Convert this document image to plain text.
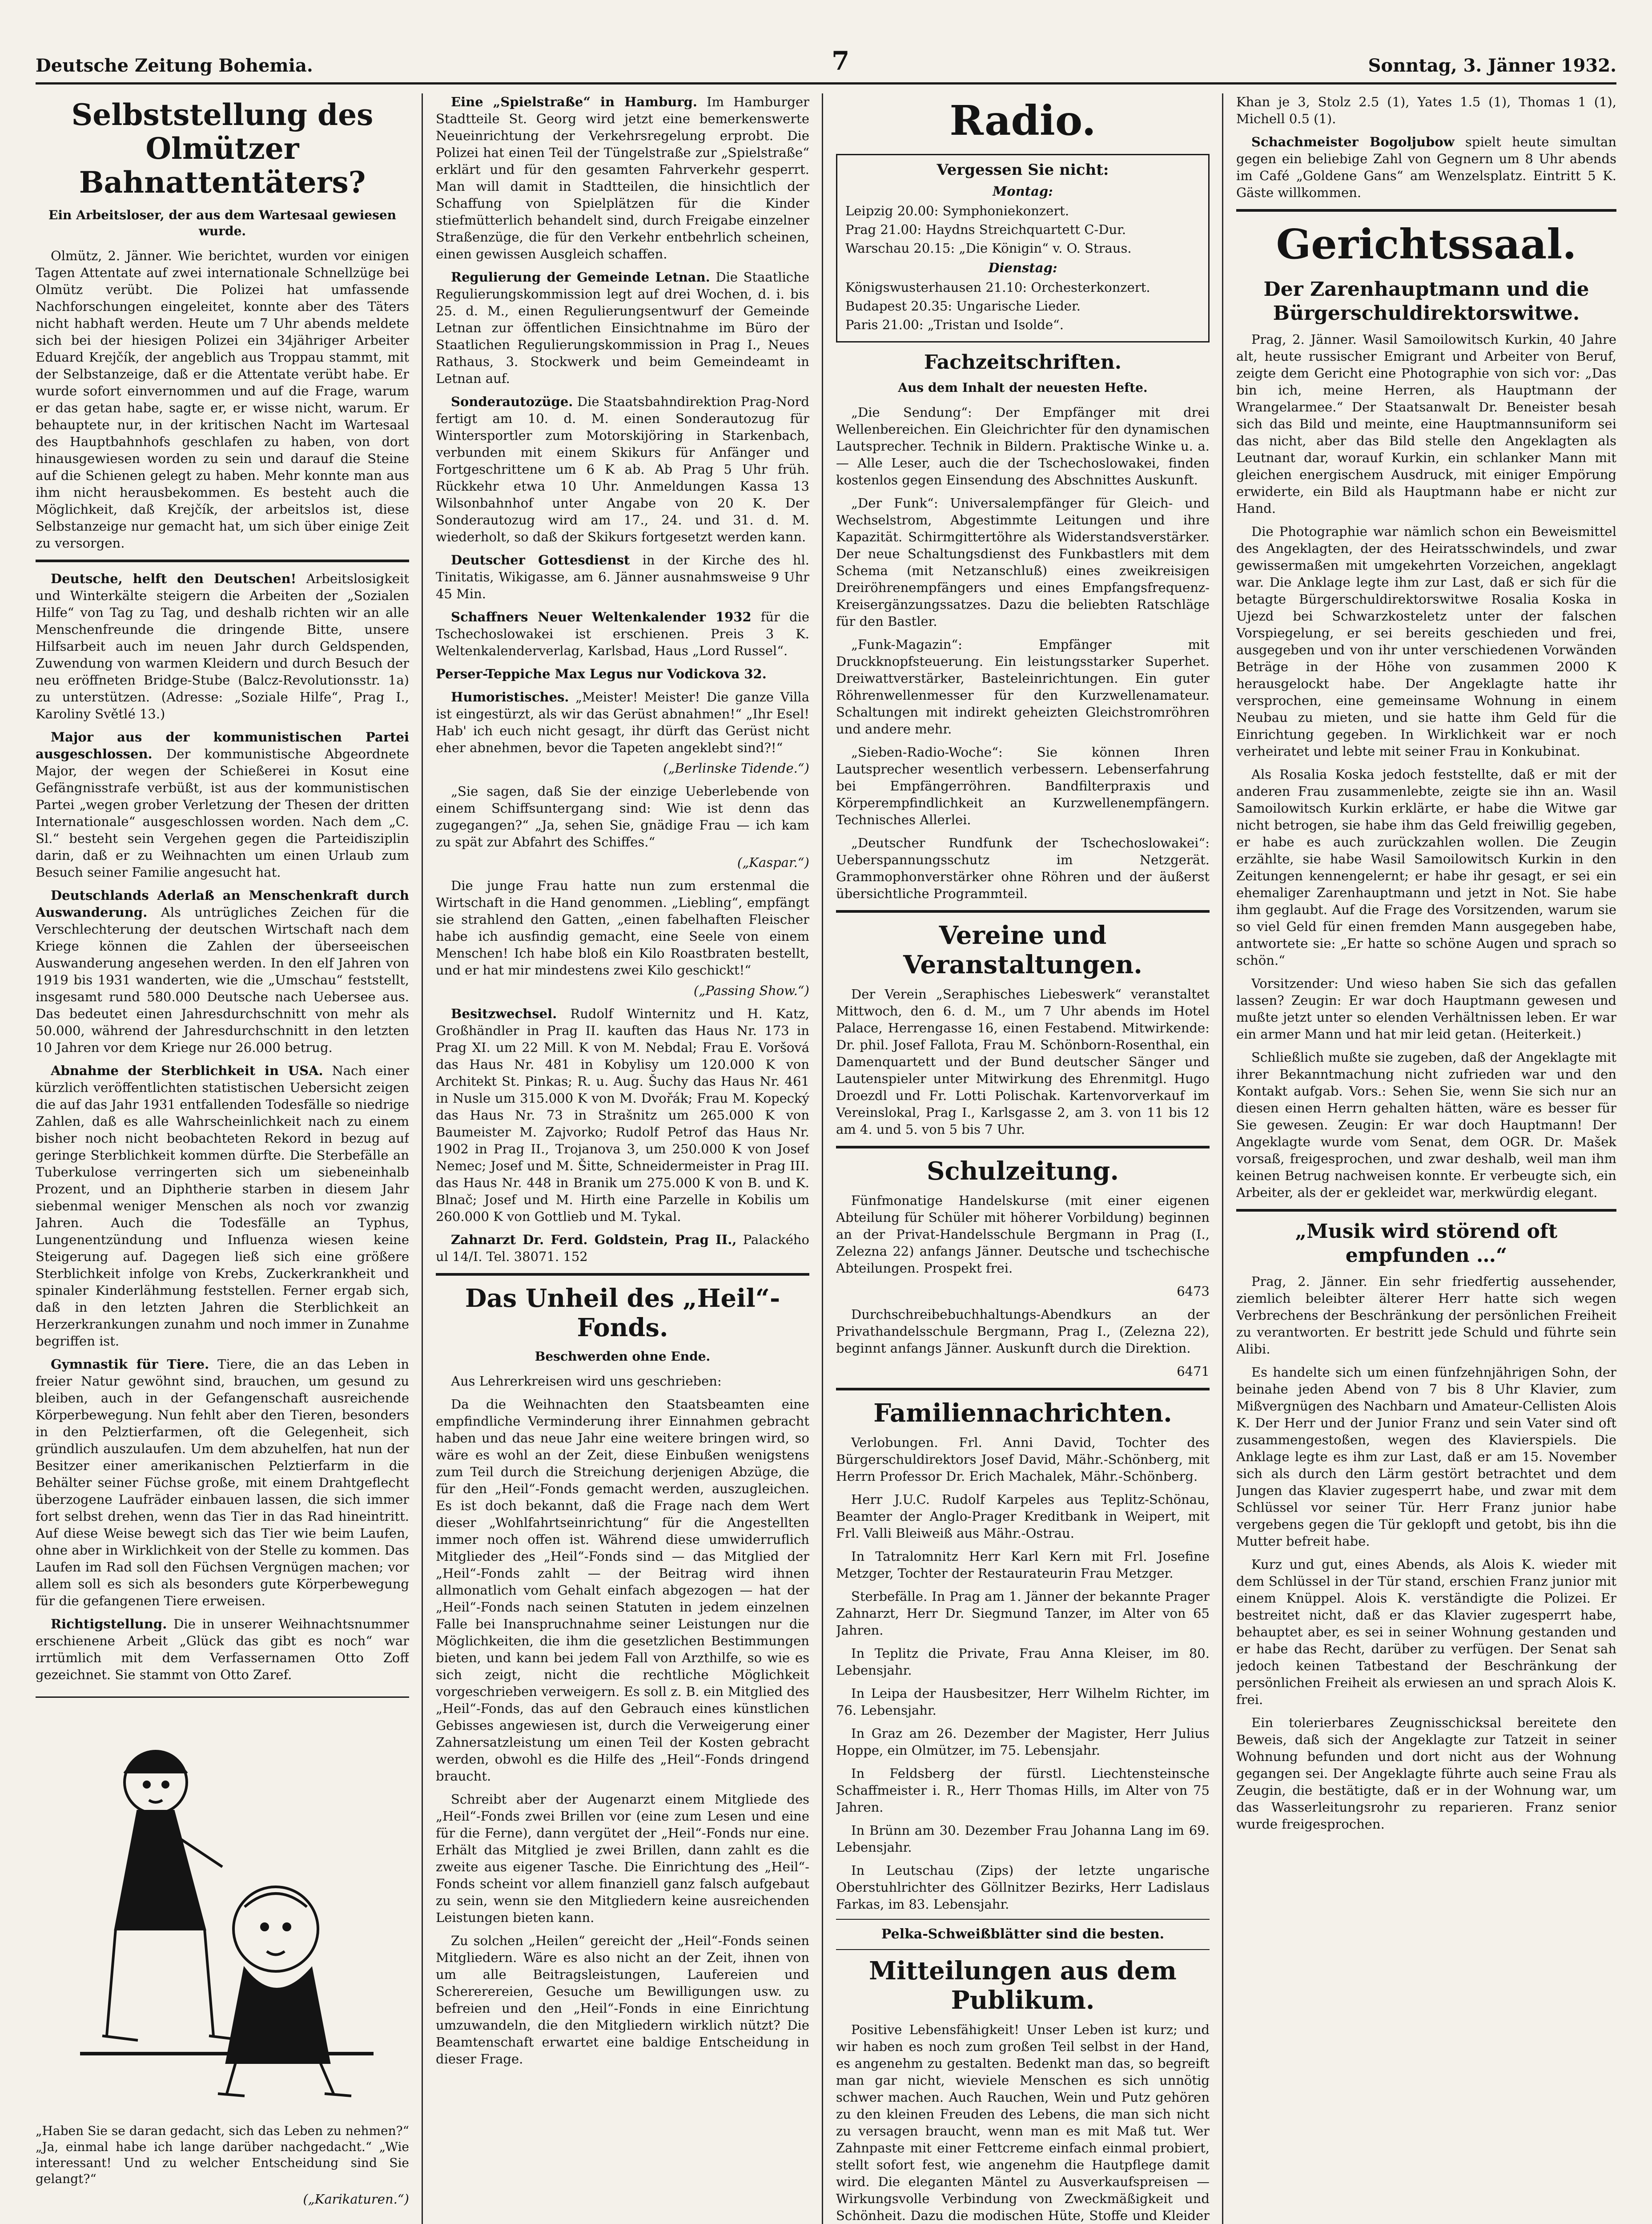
Deutsche Zeitung Bohemia.	7	Sonntag, 3. Jänner 1932.
Selbststellung des Olmützer Bahnattentäters?
Ein Arbeitsloser, der aus dem Wartesaal gewiesen wurde.

Olmütz, 2. Jänner. Wie berichtet, wurden vor einigen Tagen Attentate auf zwei internationale Schnellzüge bei Olmütz verübt. Die Polizei hat umfassende Nachforschungen eingeleitet, konnte aber des Täters nicht habhaft werden. Heute um 7 Uhr abends meldete sich bei der hiesigen Polizei ein 34jähriger Arbeiter Eduard Krejčík, der angeblich aus Troppau stammt, mit der Selbstanzeige, daß er die Attentate verübt habe. Er wurde sofort einvernommen und auf die Frage, warum er das getan habe, sagte er, er wisse nicht, warum. Er behauptete nur, in der kritischen Nacht im Wartesaal des Hauptbahnhofs geschlafen zu haben, von dort hinausgewiesen worden zu sein und darauf die Steine auf die Schienen gelegt zu haben. Mehr konnte man aus ihm nicht herausbekommen. Es besteht auch die Möglichkeit, daß Krejčík, der arbeitslos ist, diese Selbstanzeige nur gemacht hat, um sich über einige Zeit zu versorgen.

Deutsche, helft den Deutschen! Arbeitslosigkeit und Winterkälte steigern die Arbeiten der „Sozialen Hilfe“ von Tag zu Tag, und deshalb richten wir an alle Menschenfreunde die dringende Bitte, unsere Hilfsarbeit auch im neuen Jahr durch Geldspenden, Zuwendung von warmen Kleidern und durch Besuch der neu eröffneten Bridge-Stube (Balcz-Revolutionsstr. 1a) zu unterstützen. (Adresse: „Soziale Hilfe“, Prag I., Karoliny Světlé 13.)

Major aus der kommunistischen Partei ausgeschlossen. Der kommunistische Abgeordnete Major, der wegen der Schießerei in Kosut eine Gefängnisstrafe verbüßt, ist aus der kommunistischen Partei „wegen grober Verletzung der Thesen der dritten Internationale“ ausgeschlossen worden. Nach dem „C. Sl.“ besteht sein Vergehen gegen die Parteidisziplin darin, daß er zu Weihnachten um einen Urlaub zum Besuch seiner Familie angesucht hat.

Deutschlands Aderlaß an Menschenkraft durch Auswanderung. Als untrügliches Zeichen für die Verschlechterung der deutschen Wirtschaft nach dem Kriege können die Zahlen der überseeischen Auswanderung angesehen werden. In den elf Jahren von 1919 bis 1931 wanderten, wie die „Umschau“ feststellt, insgesamt rund 580.000 Deutsche nach Uebersee aus. Das bedeutet einen Jahresdurchschnitt von mehr als 50.000, während der Jahresdurchschnitt in den letzten 10 Jahren vor dem Kriege nur 26.000 betrug.

Abnahme der Sterblichkeit in USA. Nach einer kürzlich veröffentlichten statistischen Uebersicht zeigen die auf das Jahr 1931 entfallenden Todesfälle so niedrige Zahlen, daß es alle Wahrscheinlichkeit nach zu einem bisher noch nicht beobachteten Rekord in bezug auf geringe Sterblichkeit kommen dürfte. Die Sterbefälle an Tuberkulose verringerten sich um siebeneinhalb Prozent, und an Diphtherie starben in diesem Jahr siebenmal weniger Menschen als noch vor zwanzig Jahren. Auch die Todesfälle an Typhus, Lungenentzündung und Influenza wiesen keine Steigerung auf. Dagegen ließ sich eine größere Sterblichkeit infolge von Krebs, Zuckerkrankheit und spinaler Kinderlähmung feststellen. Ferner ergab sich, daß in den letzten Jahren die Sterblichkeit an Herzerkrankungen zunahm und noch immer in Zunahme begriffen ist.

Gymnastik für Tiere. Tiere, die an das Leben in freier Natur gewöhnt sind, brauchen, um gesund zu bleiben, auch in der Gefangenschaft ausreichende Körperbewegung. Nun fehlt aber den Tieren, besonders in den Pelztierfarmen, oft die Gelegenheit, sich gründlich auszulaufen. Um dem abzuhelfen, hat nun der Besitzer einer amerikanischen Pelztierfarm in die Behälter seiner Füchse große, mit einem Drahtgeflecht überzogene Laufräder einbauen lassen, die sich immer fort selbst drehen, wenn das Tier in das Rad hineintritt. Auf diese Weise bewegt sich das Tier wie beim Laufen, ohne aber in Wirklichkeit von der Stelle zu kommen. Das Laufen im Rad soll den Füchsen Vergnügen machen; vor allem soll es sich als besonders gute Körperbewegung für die gefangenen Tiere erweisen.

Richtigstellung. Die in unserer Weihnachtsnummer erschienene Arbeit „Glück das gibt es noch“ war irrtümlich mit dem Verfassernamen Otto Zoff gezeichnet. Sie stammt von Otto Zaref.

„Haben Sie se daran gedacht, sich das Leben zu nehmen?“ „Ja, einmal habe ich lange darüber nachgedacht.“ „Wie interessant! Und zu welcher Entscheidung sind Sie gelangt?“

(„Karikaturen.“)

Eine „Spielstraße“ in Hamburg. Im Hamburger Stadtteile St. Georg wird jetzt eine bemerkenswerte Neueinrichtung der Verkehrsregelung erprobt. Die Polizei hat einen Teil der Tüngelstraße zur „Spielstraße“ erklärt und für den gesamten Fahrverkehr gesperrt. Man will damit in Stadtteilen, die hinsichtlich der Schaffung von Spielplätzen für die Kinder stiefmütterlich behandelt sind, durch Freigabe einzelner Straßenzüge, die für den Verkehr entbehrlich scheinen, einen gewissen Ausgleich schaffen.

Regulierung der Gemeinde Letnan. Die Staatliche Regulierungskommission legt auf drei Wochen, d. i. bis 25. d. M., einen Regulierungsentwurf der Gemeinde Letnan zur öffentlichen Einsichtnahme im Büro der Staatlichen Regulierungskommission in Prag I., Neues Rathaus, 3. Stockwerk und beim Gemeindeamt in Letnan auf.

Sonderautozüge. Die Staatsbahndirektion Prag-Nord fertigt am 10. d. M. einen Sonderautozug für Wintersportler zum Motorskijöring in Starkenbach, verbunden mit einem Skikurs für Anfänger und Fortgeschrittene um 6 K ab. Ab Prag 5 Uhr früh. Rückkehr etwa 10 Uhr. Anmeldungen Kassa 13 Wilsonbahnhof unter Angabe von 20 K. Der Sonderautozug wird am 17., 24. und 31. d. M. wiederholt, so daß der Skikurs fortgesetzt werden kann.

Deutscher Gottesdienst in der Kirche des hl. Tinitatis, Wikigasse, am 6. Jänner ausnahmsweise 9 Uhr 45 Min.

Schaffners Neuer Weltenkalender 1932 für die Tschechoslowakei ist erschienen. Preis 3 K. Weltenkalenderverlag, Karlsbad, Haus „Lord Russel“.

Perser-Teppiche Max Legus nur Vodickova 32.

Humoristisches. „Meister! Meister! Die ganze Villa ist eingestürzt, als wir das Gerüst abnahmen!“ „Ihr Esel! Hab' ich euch nicht gesagt, ihr dürft das Gerüst nicht eher abnehmen, bevor die Tapeten angeklebt sind?!“

(„Berlinske Tidende.“)

„Sie sagen, daß Sie der einzige Ueberlebende von einem Schiffsuntergang sind: Wie ist denn das zugegangen?“ „Ja, sehen Sie, gnädige Frau — ich kam zu spät zur Abfahrt des Schiffes.“

(„Kaspar.“)

Die junge Frau hatte nun zum erstenmal die Wirtschaft in die Hand genommen. „Liebling“, empfängt sie strahlend den Gatten, „einen fabelhaften Fleischer habe ich ausfindig gemacht, eine Seele von einem Menschen! Ich habe bloß ein Kilo Roastbraten bestellt, und er hat mir mindestens zwei Kilo geschickt!“

(„Passing Show.“)

Besitzwechsel. Rudolf Winternitz und H. Katz, Großhändler in Prag II. kauften das Haus Nr. 173 in Prag XI. um 22 Mill. K von M. Nebdal; Frau E. Voršová das Haus Nr. 481 in Kobylisy um 120.000 K von Architekt St. Pinkas; R. u. Aug. Šuchy das Haus Nr. 461 in Nusle um 315.000 K von M. Dvořák; Frau M. Kopecký das Haus Nr. 73 in Strašnitz um 265.000 K von Baumeister M. Zajvorko; Rudolf Petrof das Haus Nr. 1902 in Prag II., Trojanova 3, um 250.000 K von Josef Nemec; Josef und M. Šitte, Schneidermeister in Prag III. das Haus Nr. 448 in Branik um 275.000 K von B. und K. Blnač; Josef und M. Hirth eine Parzelle in Kobilis um 260.000 K von Gottlieb und M. Tykal.

Zahnarzt Dr. Ferd. Goldstein, Prag II., Palackého ul 14/I. Tel. 38071. 152

Das Unheil des „Heil“-Fonds.
Beschwerden ohne Ende.

Aus Lehrerkreisen wird uns geschrieben:

Da die Weihnachten den Staatsbeamten eine empfindliche Verminderung ihrer Einnahmen gebracht haben und das neue Jahr eine weitere bringen wird, so wäre es wohl an der Zeit, diese Einbußen wenigstens zum Teil durch die Streichung derjenigen Abzüge, die für den „Heil“-Fonds gemacht werden, auszugleichen. Es ist doch bekannt, daß die Frage nach dem Wert dieser „Wohlfahrtseinrichtung“ für die Angestellten immer noch offen ist. Während diese umwiderruflich Mitglieder des „Heil“-Fonds sind — das Mitglied der „Heil“-Fonds zahlt — der Beitrag wird ihnen allmonatlich vom Gehalt einfach abgezogen — hat der „Heil“-Fonds nach seinen Statuten in jedem einzelnen Falle bei Inanspruchnahme seiner Leistungen nur die Möglichkeiten, die ihm die gesetzlichen Bestimmungen bieten, und kann bei jedem Fall von Arzthilfe, so wie es sich zeigt, nicht die rechtliche Möglichkeit vorgeschrieben verweigern. Es soll z. B. ein Mitglied des „Heil“-Fonds, das auf den Gebrauch eines künstlichen Gebisses angewiesen ist, durch die Verweigerung einer Zahnersatzleistung um einen Teil der Kosten gebracht werden, obwohl es die Hilfe des „Heil“-Fonds dringend braucht.

Schreibt aber der Augenarzt einem Mitgliede des „Heil“-Fonds zwei Brillen vor (eine zum Lesen und eine für die Ferne), dann vergütet der „Heil“-Fonds nur eine. Erhält das Mitglied je zwei Brillen, dann zahlt es die zweite aus eigener Tasche. Die Einrichtung des „Heil“-Fonds scheint vor allem finanziell ganz falsch aufgebaut zu sein, wenn sie den Mitgliedern keine ausreichenden Leistungen bieten kann.

Zu solchen „Heilen“ gereicht der „Heil“-Fonds seinen Mitgliedern. Wäre es also nicht an der Zeit, ihnen von um alle Beitragsleistungen, Laufereien und Schererereien, Gesuche um Bewilligungen usw. zu befreien und den „Heil“-Fonds in eine Einrichtung umzuwandeln, die den Mitgliedern wirklich nützt? Die Beamtenschaft erwartet eine baldige Entscheidung in dieser Frage.

Radio.
Vergessen Sie nicht:
Montag:

Leipzig 20.00: Symphoniekonzert.

Prag 21.00: Haydns Streichquartett C-Dur.

Warschau 20.15: „Die Königin“ v. O. Straus.

Dienstag:

Königswusterhausen 21.10: Orchesterkonzert.

Budapest 20.35: Ungarische Lieder.

Paris 21.00: „Tristan und Isolde“.

Fachzeitschriften.
Aus dem Inhalt der neuesten Hefte.

„Die Sendung“: Der Empfänger mit drei Wellenbereichen. Ein Gleichrichter für den dynamischen Lautsprecher. Technik in Bildern. Praktische Winke u. a. — Alle Leser, auch die der Tschechoslowakei, finden kostenlos gegen Einsendung des Abschnittes Auskunft.

„Der Funk“: Universalempfänger für Gleich- und Wechselstrom, Abgestimmte Leitungen und ihre Kapazität. Schirmgittertöhre als Widerstandsverstärker. Der neue Schaltungsdienst des Funkbastlers mit dem Schema (mit Netzanschluß) eines zweikreisigen Dreiröhrenempfängers und eines Empfangsfrequenz-Kreisergänzungssatzes. Dazu die beliebten Ratschläge für den Bastler.

„Funk-Magazin“: Empfänger mit Druckknopfsteuerung. Ein leistungsstarker Superhet. Dreiwattverstärker, Basteleinrichtungen. Ein guter Röhrenwellenmesser für den Kurzwellenamateur. Schaltungen mit indirekt geheizten Gleichstromröhren und andere mehr.

„Sieben-Radio-Woche“: Sie können Ihren Lautsprecher wesentlich verbessern. Lebenserfahrung bei Empfängerröhren. Bandfilterpraxis und Körperempfindlichkeit an Kurzwellenempfängern. Technisches Allerlei.

„Deutscher Rundfunk der Tschechoslowakei“: Ueberspannungsschutz im Netzgerät. Grammophonverstärker ohne Röhren und der äußerst übersichtliche Programmteil.

Vereine und Veranstaltungen.

Der Verein „Seraphisches Liebeswerk“ veranstaltet Mittwoch, den 6. d. M., um 7 Uhr abends im Hotel Palace, Herrengasse 16, einen Festabend. Mitwirkende: Dr. phil. Josef Fallota, Frau M. Schönborn-Rosenthal, ein Damenquartett und der Bund deutscher Sänger und Lautenspieler unter Mitwirkung des Ehrenmitgl. Hugo Droezdl und Fr. Lotti Polischak. Kartenvorverkauf im Vereinslokal, Prag I., Karlsgasse 2, am 3. von 11 bis 12 am 4. und 5. von 5 bis 7 Uhr.

Schulzeitung.

Fünfmonatige Handelskurse (mit einer eigenen Abteilung für Schüler mit höherer Vorbildung) beginnen an der Privat-Handelsschule Bergmann in Prag (I., Zelezna 22) anfangs Jänner. Deutsche und tschechische Abteilungen. Prospekt frei.

6473

Durchschreibebuchhaltungs-Abendkurs an der Privathandelsschule Bergmann, Prag I., (Zelezna 22), beginnt anfangs Jänner. Auskunft durch die Direktion.

6471

Familiennachrichten.

Verlobungen. Frl. Anni David, Tochter des Bürgerschuldirektors Josef David, Mähr.-Schönberg, mit Herrn Professor Dr. Erich Machalek, Mähr.-Schönberg.

Herr J.U.C. Rudolf Karpeles aus Teplitz-Schönau, Beamter der Anglo-Prager Kreditbank in Weipert, mit Frl. Valli Bleiweiß aus Mähr.-Ostrau.

In Tatralomnitz Herr Karl Kern mit Frl. Josefine Metzger, Tochter der Restaurateurin Frau Metzger.

Sterbefälle. In Prag am 1. Jänner der bekannte Prager Zahnarzt, Herr Dr. Siegmund Tanzer, im Alter von 65 Jahren.

In Teplitz die Private, Frau Anna Kleiser, im 80. Lebensjahr.

In Leipa der Hausbesitzer, Herr Wilhelm Richter, im 76. Lebensjahr.

In Graz am 26. Dezember der Magister, Herr Julius Hoppe, ein Olmützer, im 75. Lebensjahr.

In Feldsberg der fürstl. Liechtensteinsche Schaffmeister i. R., Herr Thomas Hills, im Alter von 75 Jahren.

In Brünn am 30. Dezember Frau Johanna Lang im 69. Lebensjahr.

In Leutschau (Zips) der letzte ungarische Oberstuhlrichter des Göllnitzer Bezirks, Herr Ladislaus Farkas, im 83. Lebensjahr.

Pelka-Schweißblätter sind die besten.
Mitteilungen aus dem Publikum.

Positive Lebensfähigkeit! Unser Leben ist kurz; und wir haben es noch zum großen Teil selbst in der Hand, es angenehm zu gestalten. Bedenkt man das, so begreift man gar nicht, wieviele Menschen es sich unnötig schwer machen. Auch Rauchen, Wein und Putz gehören zu den kleinen Freuden des Lebens, die man sich nicht zu versagen braucht, wenn man es mit Maß tut. Wer Zahnpaste mit einer Fettcreme einfach einmal probiert, stellt sofort fest, wie angenehm die Hautpflege damit wird. Die eleganten Mäntel zu Ausverkaufspreisen — Wirkungsvolle Verbindung von Zweckmäßigkeit und Schönheit. Dazu die modischen Hüte, Stoffe und Kleider

Khan je 3, Stolz 2.5 (1), Yates 1.5 (1), Thomas 1 (1), Michell 0.5 (1).

Schachmeister Bogoljubow spielt heute simultan gegen ein beliebige Zahl von Gegnern um 8 Uhr abends im Café „Goldene Gans“ am Wenzelsplatz. Eintritt 5 K. Gäste willkommen.

Gerichtssaal.
Der Zarenhauptmann und die Bürgerschuldirektorswitwe.

Prag, 2. Jänner. Wasil Samoilowitsch Kurkin, 40 Jahre alt, heute russischer Emigrant und Arbeiter von Beruf, zeigte dem Gericht eine Photographie von sich vor: „Das bin ich, meine Herren, als Hauptmann der Wrangelarmee.“ Der Staatsanwalt Dr. Beneister besah sich das Bild und meinte, eine Hauptmannsuniform sei das nicht, aber das Bild stelle den Angeklagten als Leutnant dar, worauf Kurkin, ein schlanker Mann mit gleichen energischem Ausdruck, mit einiger Empörung erwiderte, ein Bild als Hauptmann habe er nicht zur Hand.

Die Photographie war nämlich schon ein Beweismittel des Angeklagten, der des Heiratsschwindels, und zwar gewissermaßen mit umgekehrten Vorzeichen, angeklagt war. Die Anklage legte ihm zur Last, daß er sich für die betagte Bürgerschuldirektorswitwe Rosalia Koska in Ujezd bei Schwarzkosteletz unter der falschen Vorspiegelung, er sei bereits geschieden und frei, ausgegeben und von ihr unter verschiedenen Vorwänden Beträge in der Höhe von zusammen 2000 K herausgelockt habe. Der Angeklagte hatte ihr versprochen, eine gemeinsame Wohnung in einem Neubau zu mieten, und sie hatte ihm Geld für die Einrichtung gegeben. In Wirklichkeit war er noch verheiratet und lebte mit seiner Frau in Konkubinat.

Als Rosalia Koska jedoch feststellte, daß er mit der anderen Frau zusammenlebte, zeigte sie ihn an. Wasil Samoilowitsch Kurkin erklärte, er habe die Witwe gar nicht betrogen, sie habe ihm das Geld freiwillig gegeben, er habe es auch zurückzahlen wollen. Die Zeugin erzählte, sie habe Wasil Samoilowitsch Kurkin in den Zeitungen kennengelernt; er habe ihr gesagt, er sei ein ehemaliger Zarenhauptmann und jetzt in Not. Sie habe ihm geglaubt. Auf die Frage des Vorsitzenden, warum sie so viel Geld für einen fremden Mann ausgegeben habe, antwortete sie: „Er hatte so schöne Augen und sprach so schön.“

Vorsitzender: Und wieso haben Sie sich das gefallen lassen? Zeugin: Er war doch Hauptmann gewesen und mußte jetzt unter so elenden Verhältnissen leben. Er war ein armer Mann und hat mir leid getan. (Heiterkeit.)

Schließlich mußte sie zugeben, daß der Angeklagte mit ihrer Bekanntmachung nicht zufrieden war und den Kontakt aufgab. Vors.: Sehen Sie, wenn Sie sich nur an diesen einen Herrn gehalten hätten, wäre es besser für Sie gewesen. Zeugin: Er war doch Hauptmann! Der Angeklagte wurde vom Senat, dem OGR. Dr. Mašek vorsaß, freigesprochen, und zwar deshalb, weil man ihm keinen Betrug nachweisen konnte. Er verbeugte sich, ein Arbeiter, als der er gekleidet war, merkwürdig elegant.

„Musik wird störend oft empfunden …“

Prag, 2. Jänner. Ein sehr friedfertig aussehender, ziemlich beleibter älterer Herr hatte sich wegen Verbrechens der Beschränkung der persönlichen Freiheit zu verantworten. Er bestritt jede Schuld und führte sein Alibi.

Es handelte sich um einen fünfzehnjährigen Sohn, der beinahe jeden Abend von 7 bis 8 Uhr Klavier, zum Mißvergnügen des Nachbarn und Amateur-Cellisten Alois K. Der Herr und der Junior Franz und sein Vater sind oft zusammengestoßen, wegen des Klavierspiels. Die Anklage legte es ihm zur Last, daß er am 15. November sich als durch den Lärm gestört betrachtet und dem Jungen das Klavier zugesperrt habe, und zwar mit dem Schlüssel vor seiner Tür. Herr Franz junior habe vergebens gegen die Tür geklopft und getobt, bis ihn die Mutter befreit habe.

Kurz und gut, eines Abends, als Alois K. wieder mit dem Schlüssel in der Tür stand, erschien Franz junior mit einem Knüppel. Alois K. verständigte die Polizei. Er bestreitet nicht, daß er das Klavier zugesperrt habe, behauptet aber, es sei in seiner Wohnung gestanden und er habe das Recht, darüber zu verfügen. Der Senat sah jedoch keinen Tatbestand der Beschränkung der persönlichen Freiheit als erwiesen an und sprach Alois K. frei.

Ein tolerierbares Zeugnisschicksal bereitete den Beweis, daß sich der Angeklagte zur Tatzeit in seiner Wohnung befunden und dort nicht aus der Wohnung gegangen sei. Der Angeklagte führte auch seine Frau als Zeugin, die bestätigte, daß er in der Wohnung war, um das Wasserleitungsrohr zu reparieren. Franz senior wurde freigesprochen.
